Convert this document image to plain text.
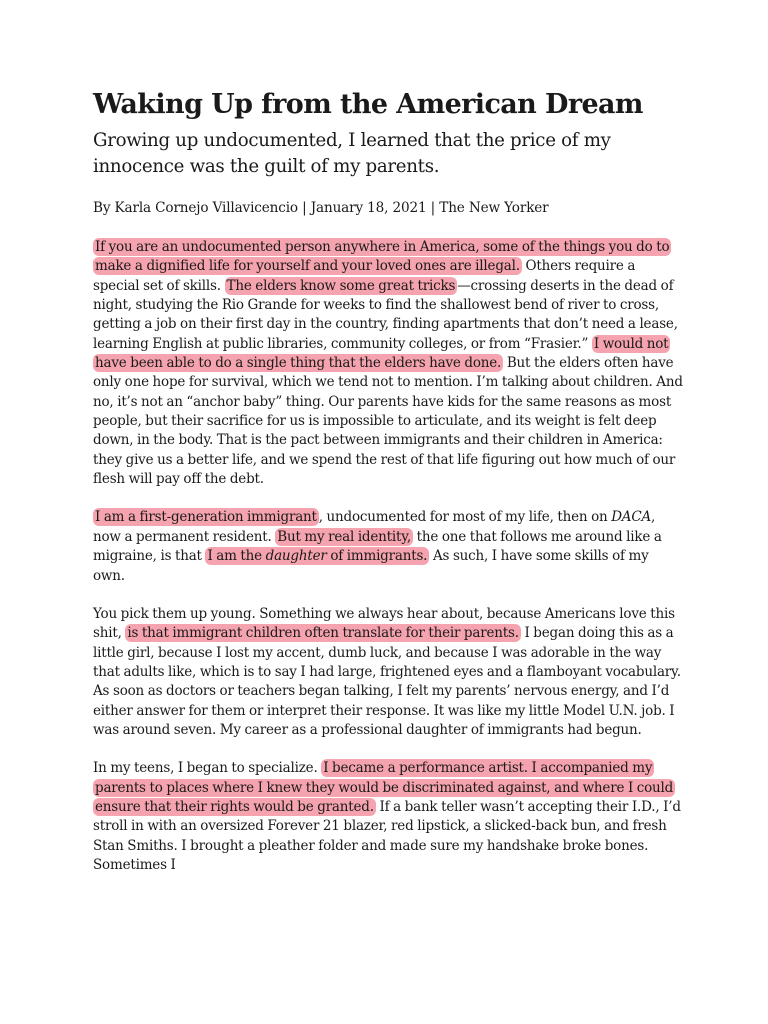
Waking Up from the American Dream
Growing up undocumented, I learned that the price of my innocence was the guilt of my parents.
By Karla Cornejo Villavicencio | January 18, 2021 | The New Yorker

If you are an undocumented person anywhere in America, some of the things you do to make a dignified life for yourself and your loved ones are illegal. Others require a special set of skills. The elders know some great tricks —crossing deserts in the dead of night, studying the Rio Grande for weeks to find the shallowest bend of river to cross, getting a job on their first day in the country, finding apartments that don’t need a lease, learning English at public libraries, community colleges, or from “Frasier.” I would not have been able to do a single thing that the elders have done. But the elders often have only one hope for survival, which we tend not to mention. I’m talking about children. And no, it’s not an “anchor baby” thing. Our parents have kids for the same reasons as most people, but their sacrifice for us is impossible to articulate, and its weight is felt deep down, in the body. That is the pact between immigrants and their children in America: they give us a better life, and we spend the rest of that life figuring out how much of our flesh will pay off the debt.

I am a first-generation immigrant , undocumented for most of my life, then on DACA, now a permanent resident. But my real identity, the one that follows me around like a migraine, is that I am the daughter of immigrants. As such, I have some skills of my own.

You pick them up young. Something we always hear about, because Americans love this shit, is that immigrant children often translate for their parents. I began doing this as a little girl, because I lost my accent, dumb luck, and because I was adorable in the way that adults like, which is to say I had large, frightened eyes and a flamboyant vocabulary. As soon as doctors or teachers began talking, I felt my parents’ nervous energy, and I’d either answer for them or interpret their response. It was like my little Model U.N. job. I was around seven. My career as a professional daughter of immigrants had begun.

In my teens, I began to specialize. I became a performance artist. I accompanied my parents to places where I knew they would be discriminated against, and where I could ensure that their rights would be granted. If a bank teller wasn’t accepting their I.D., I’d stroll in with an oversized Forever 21 blazer, red lipstick, a slicked-back bun, and fresh Stan Smiths. I brought a pleather folder and made sure my handshake broke bones. Sometimes I
